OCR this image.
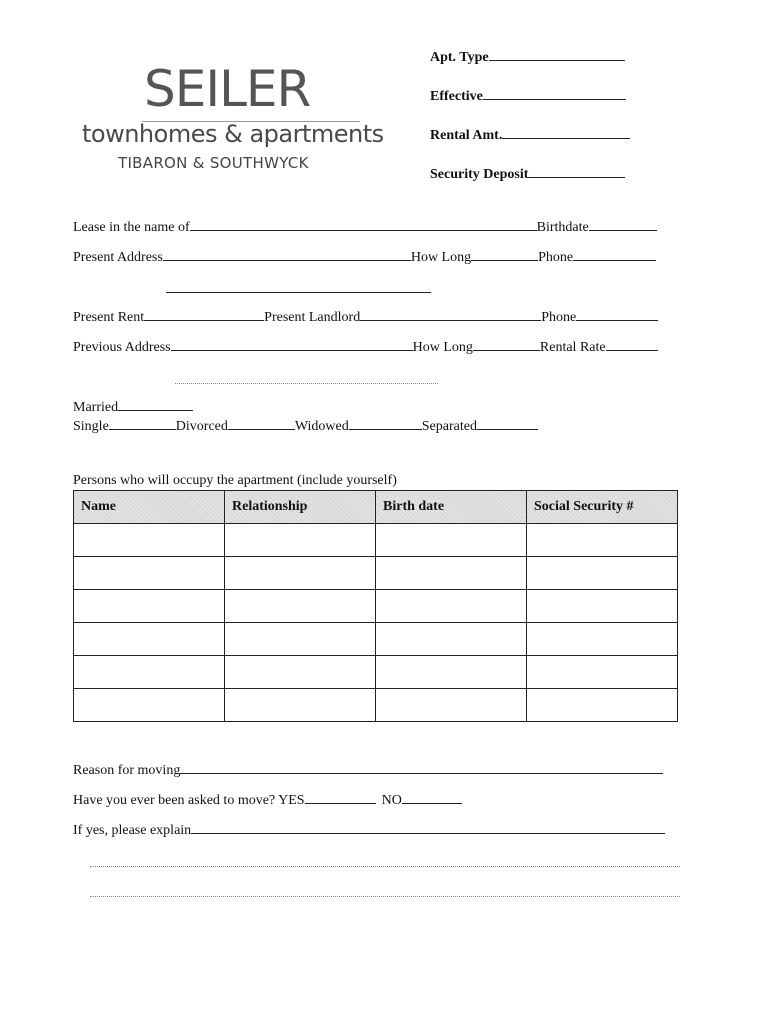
SEILER
townhomes & apartments
TIBARON & SOUTHWYCK
Apt. Type
Effective
Rental Amt.
Security Deposit
Lease in the name of	Birthdate
Present Address	How Long	Phone
Present Rent	Present Landlord	Phone
Previous Address	How Long	Rental Rate
Married
Single	Divorced	Widowed	Separated
Persons who will occupy the apartment (include yourself)
Name	Relationship	Birth date	Social Security #

Reason for moving
Have you ever been asked to move? YES	NO
If yes, please explain
